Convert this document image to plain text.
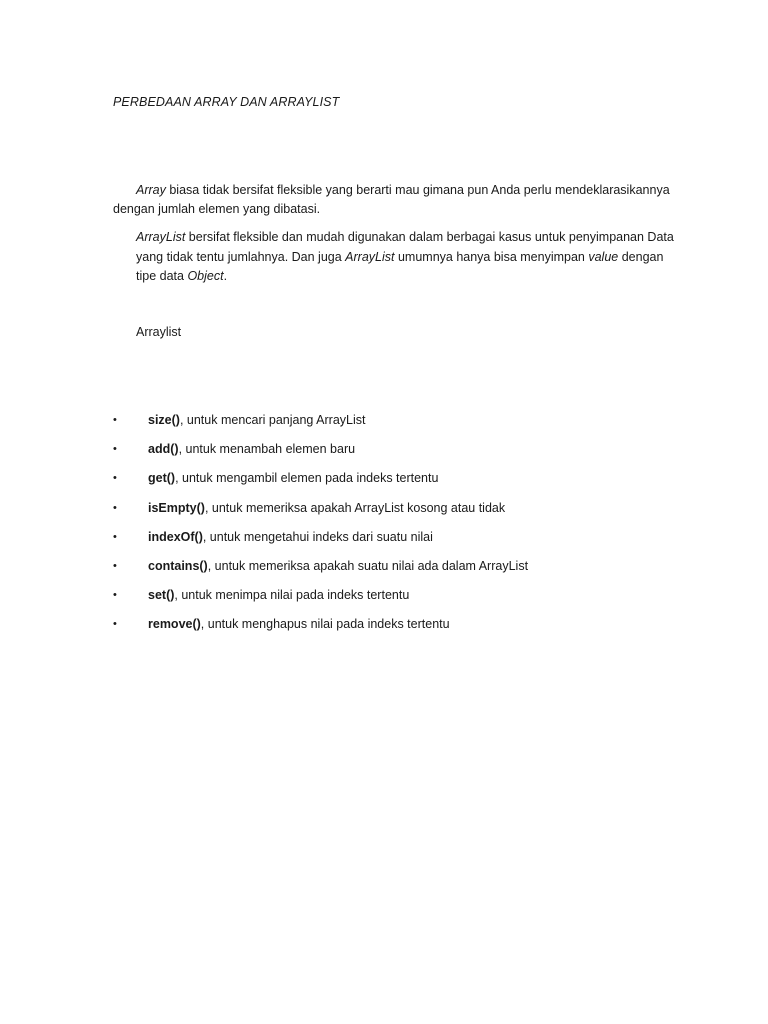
PERBEDAAN ARRAY DAN ARRAYLIST
Array biasa tidak bersifat fleksible yang berarti mau gimana pun Anda perlu mendeklarasikannya dengan jumlah elemen yang dibatasi.
ArrayList bersifat fleksible dan mudah digunakan dalam berbagai kasus untuk penyimpanan Data yang tidak tentu jumlahnya. Dan juga ArrayList umumnya hanya bisa menyimpan value dengan tipe data Object.
Arraylist
• size(), untuk mencari panjang ArrayList
• add(), untuk menambah elemen baru
• get(), untuk mengambil elemen pada indeks tertentu
• isEmpty(), untuk memeriksa apakah ArrayList kosong atau tidak
• indexOf(), untuk mengetahui indeks dari suatu nilai
• contains(), untuk memeriksa apakah suatu nilai ada dalam ArrayList
• set(), untuk menimpa nilai pada indeks tertentu
• remove(), untuk menghapus nilai pada indeks tertentu
